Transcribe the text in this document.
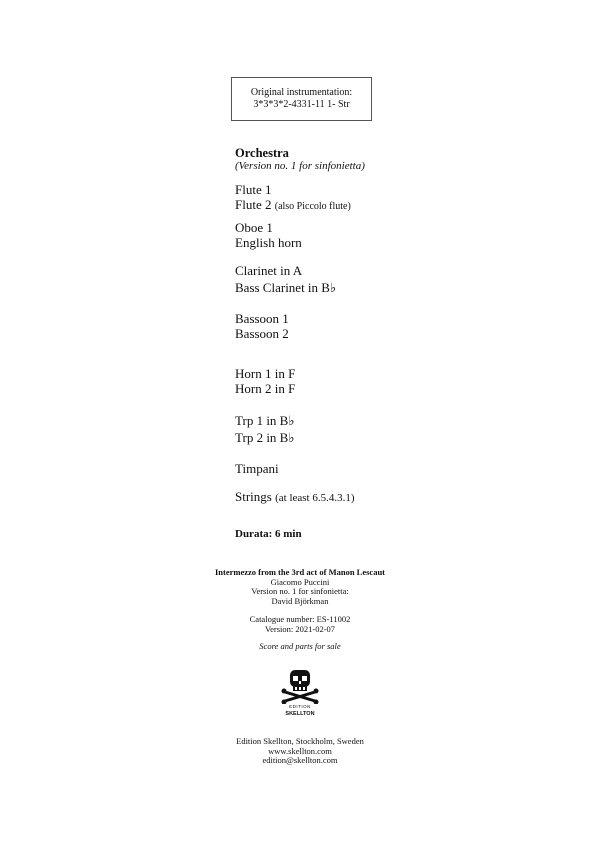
Original instrumentation:
3*3*3*2-4331-11 1- Str
Orchestra
(Version no. 1 for sinfonietta)
Flute 1
Flute 2 (also Piccolo flute)
Oboe 1
English horn
Clarinet in A
Bass Clarinet in B♭
Bassoon 1
Bassoon 2
Horn 1 in F
Horn 2 in F
Trp 1 in B♭
Trp 2 in B♭
Timpani
Strings (at least 6.5.4.3.1)
Durata: 6 min
Intermezzo from the 3rd act of Manon Lescaut
Giacomo Puccini
Version no. 1 for sinfonietta:
David Björkman
Catalogue number: ES-11002
Version: 2021-02-07
Score and parts for sale
EDITION
SKELLTON
Edition Skellton, Stockholm, Sweden
www.skellton.com
edition@skellton.com
